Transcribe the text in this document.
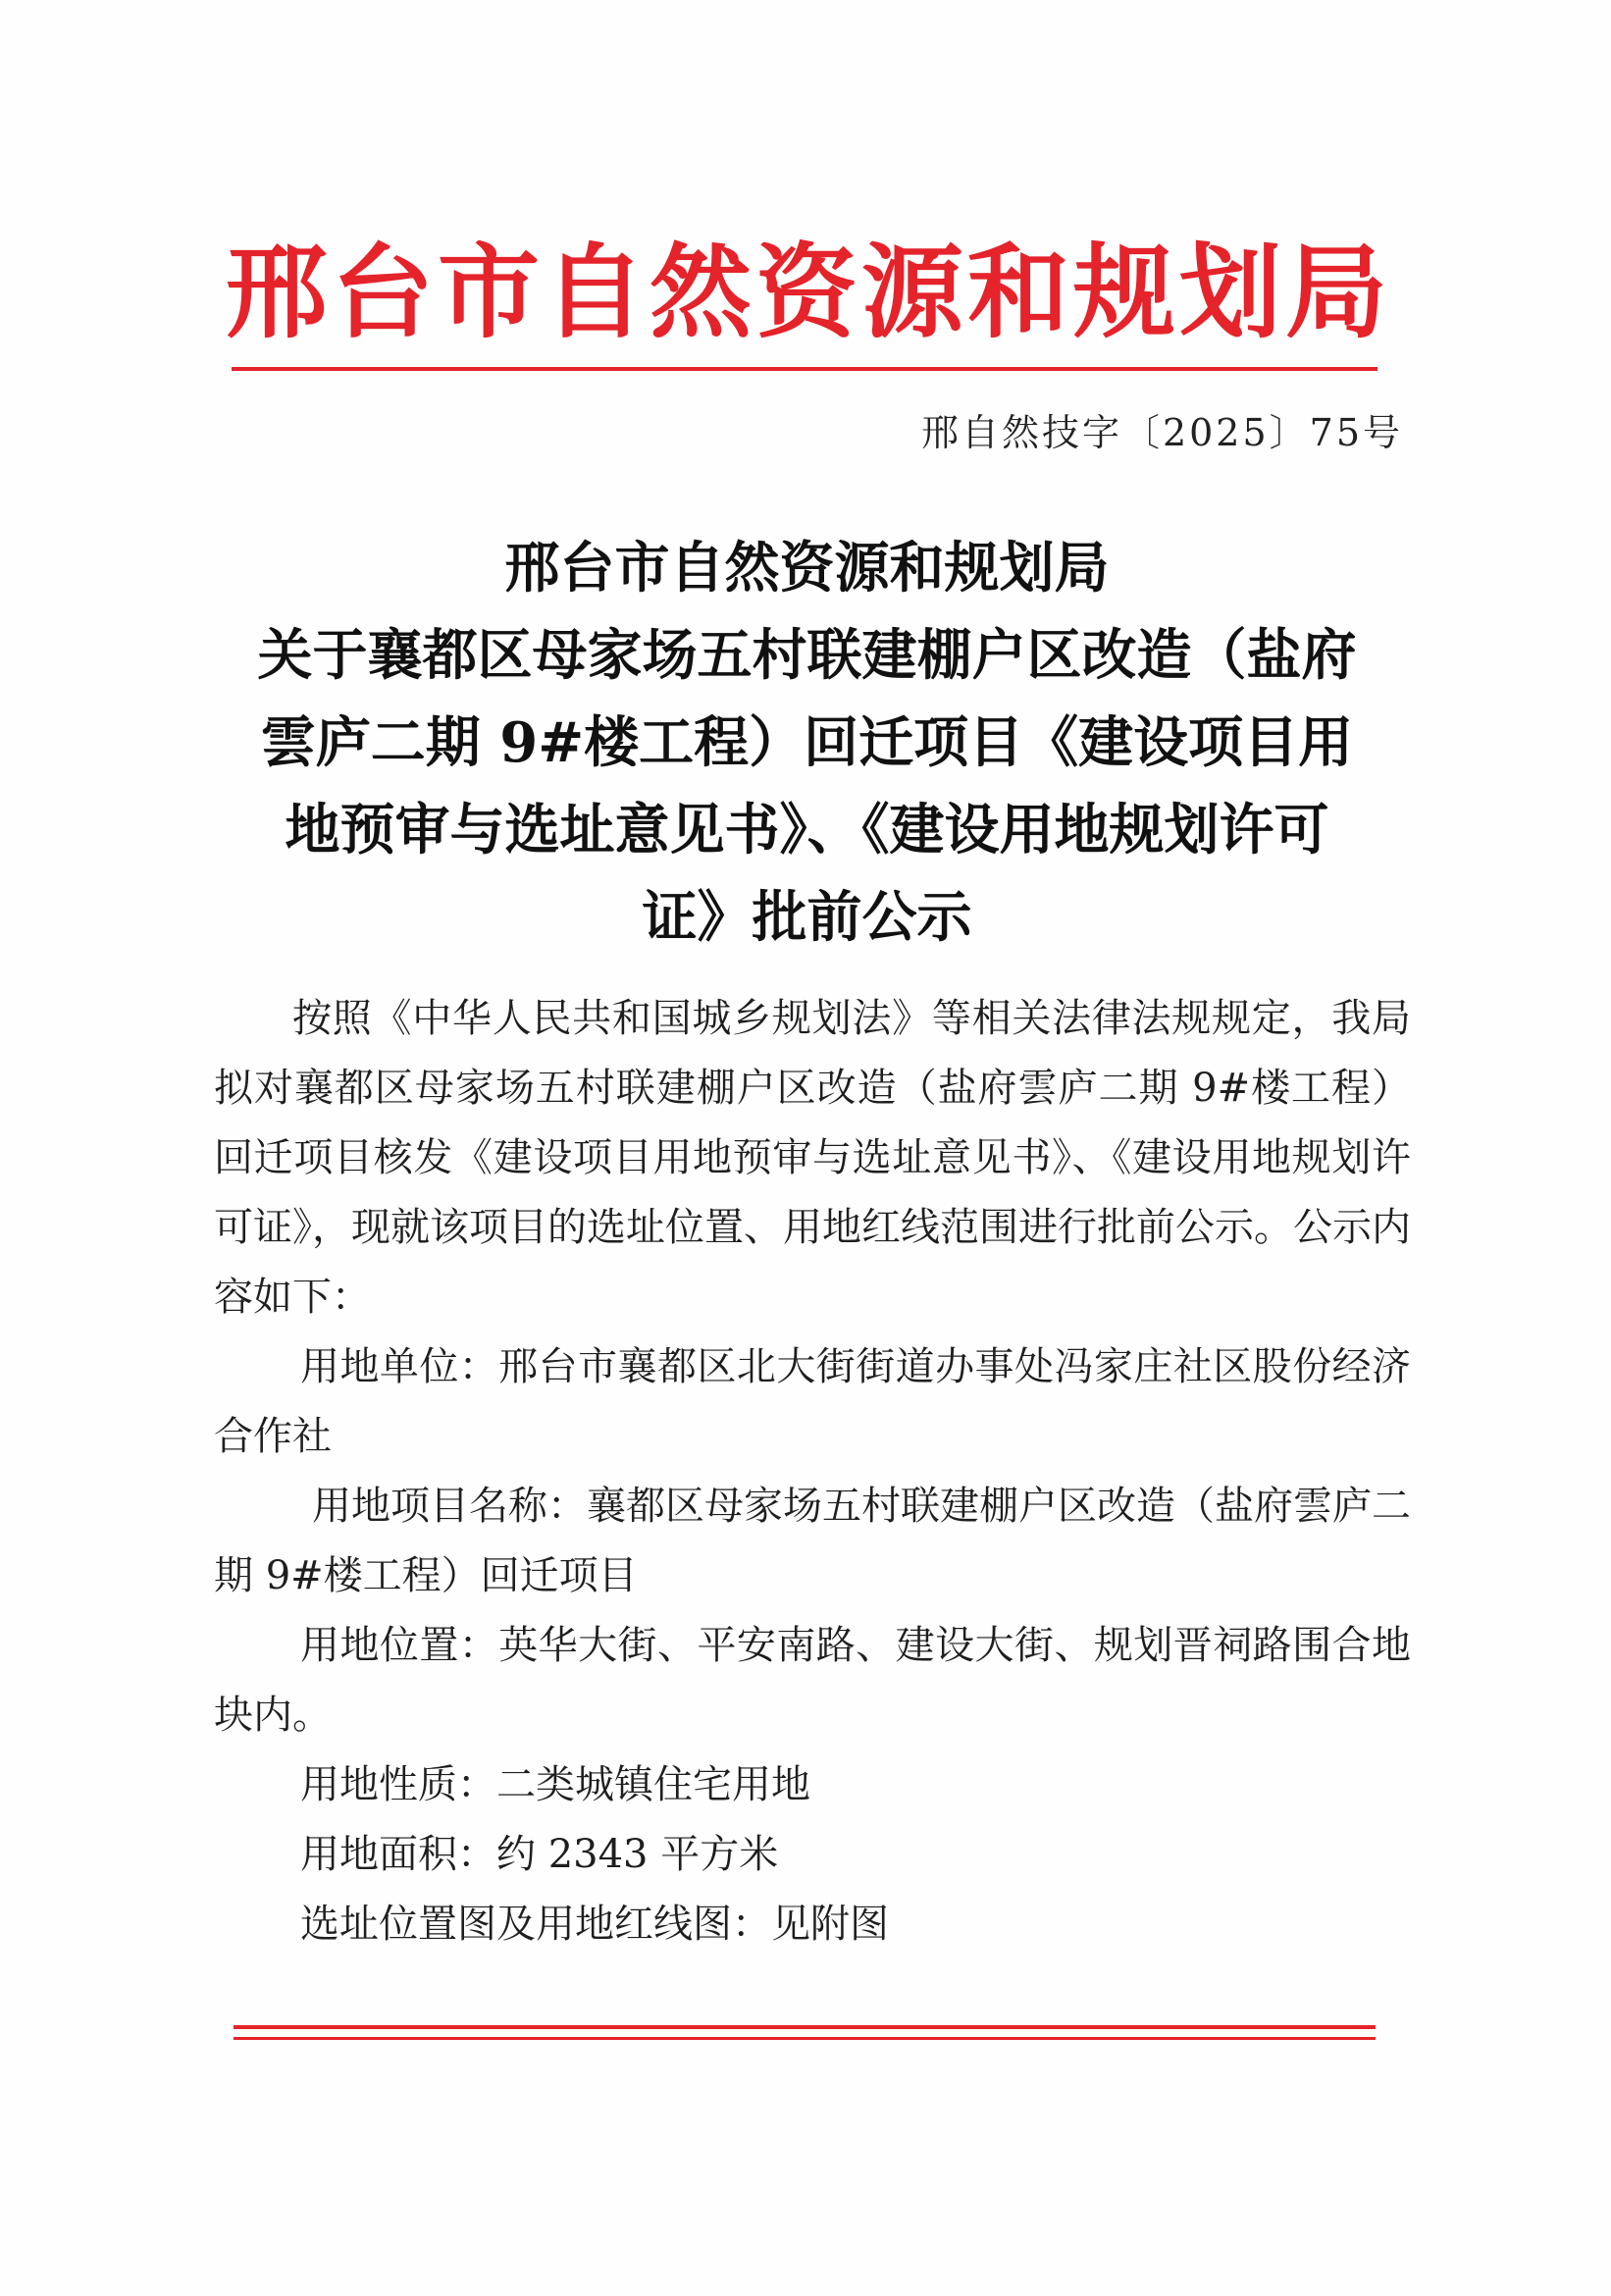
邢台市自然资源和规划局
邢自然技字〔2025〕75号
邢台市自然资源和规划局
关于襄都区母家场五村联建棚户区改造（盐府
雲庐二期 9#楼工程）回迁项目《建设项目用
地预审与选址意见书》、《建设用地规划许可
证》批前公示

按照《中华人民共和国城乡规划法》等相关法律法规规定，我局拟对襄都区母家场五村联建棚户区改造（盐府雲庐二期 9#楼工程）回迁项目核发《建设项目用地预审与选址意见书》、《建设用地规划许可证》，现就该项目的选址位置、用地红线范围进行批前公示。公示内容如下：

用地单位：邢台市襄都区北大街街道办事处冯家庄社区股份经济合作社

用地项目名称：襄都区母家场五村联建棚户区改造（盐府雲庐二期 9#楼工程）回迁项目

用地位置：英华大街、平安南路、建设大街、规划晋祠路围合地块内。

用地性质：二类城镇住宅用地

用地面积：约 2343 平方米

选址位置图及用地红线图：见附图
